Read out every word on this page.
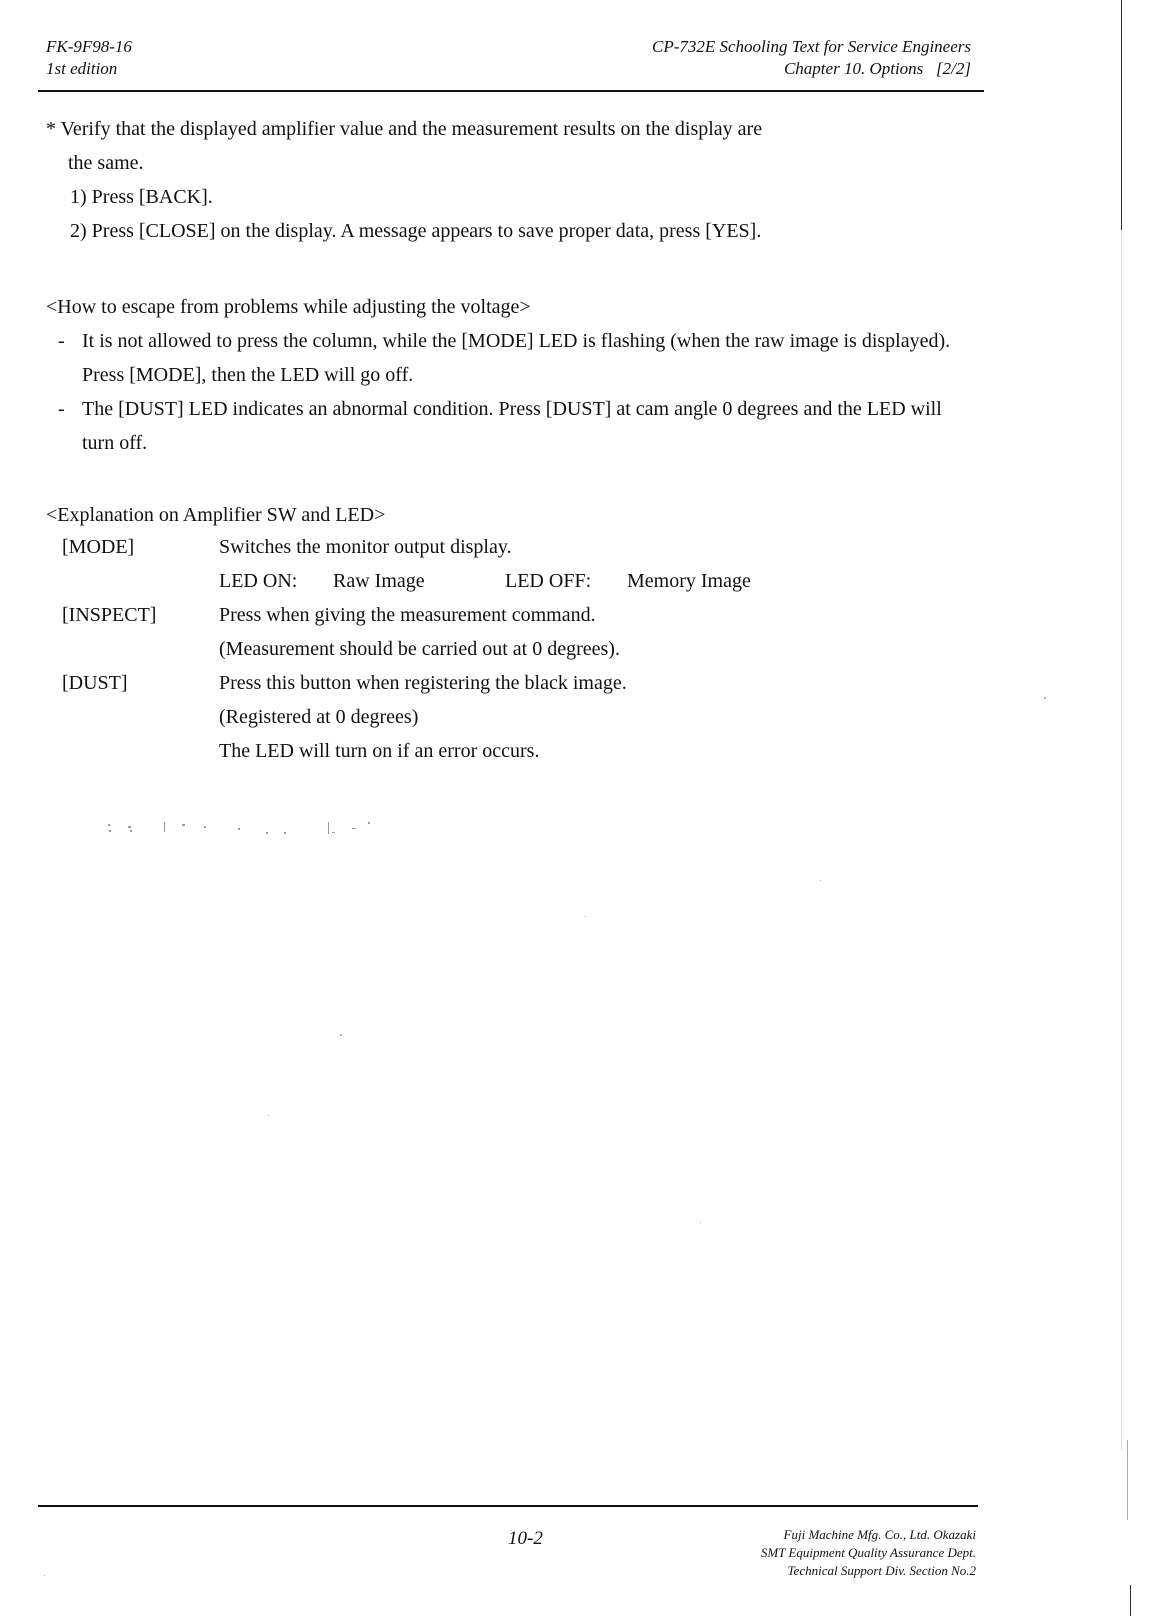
FK-9F98-16
1st edition
CP-732E Schooling Text for Service Engineers
Chapter 10. Options [2/2]
* Verify that the displayed amplifier value and the measurement results on the display are
the same.
1) Press [BACK].
2) Press [CLOSE] on the display. A message appears to save proper data, press [YES].
<How to escape from problems while adjusting the voltage>
- It is not allowed to press the column, while the [MODE] LED is flashing (when the raw image is displayed). Press [MODE], then the LED will go off.
- The [DUST] LED indicates an abnormal condition. Press [DUST] at cam angle 0 degrees and the LED will turn off.
<Explanation on Amplifier SW and LED>
[MODE]	Switches the monitor output display.
	LED ON: Raw Image LED OFF: Memory Image
[INSPECT]	Press when giving the measurement command.
	(Measurement should be carried out at 0 degrees).
[DUST]	Press this button when registering the black image.
	(Registered at 0 degrees)
	The LED will turn on if an error occurs.
10-2	Fuji Machine Mfg. Co., Ltd. Okazaki
SMT Equipment Quality Assurance Dept.
Technical Support Div. Section No.2
